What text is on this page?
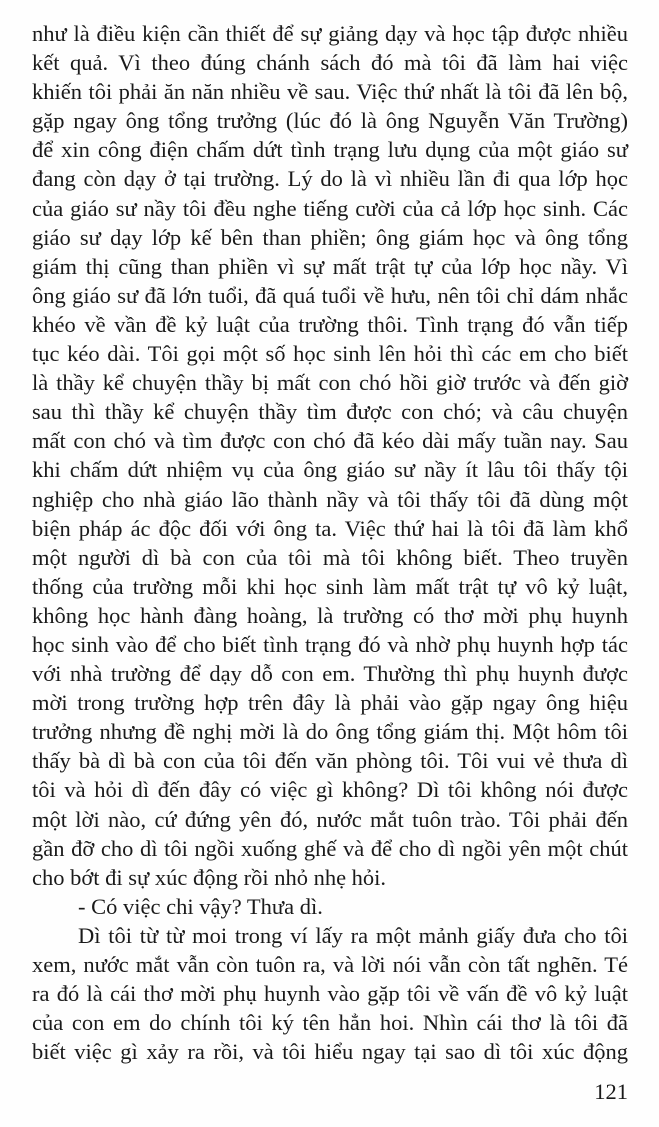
như là điều kiện cần thiết để sự giảng dạy và học tập được nhiều
kết quả. Vì theo đúng chánh sách đó mà tôi đã làm hai việc
khiến tôi phải ăn năn nhiều về sau. Việc thứ nhất là tôi đã lên bộ,
gặp ngay ông tổng trưởng (lúc đó là ông Nguyễn Văn Trường)
để xin công điện chấm dứt tình trạng lưu dụng của một giáo sư
đang còn dạy ở tại trường. Lý do là vì nhiều lần đi qua lớp học
của giáo sư nầy tôi đều nghe tiếng cười của cả lớp học sinh. Các
giáo sư dạy lớp kế bên than phiền; ông giám học và ông tổng
giám thị cũng than phiền vì sự mất trật tự của lớp học nầy. Vì
ông giáo sư đã lớn tuổi, đã quá tuổi về hưu, nên tôi chỉ dám nhắc
khéo về vần đề kỷ luật của trường thôi. Tình trạng đó vẫn tiếp
tục kéo dài. Tôi gọi một số học sinh lên hỏi thì các em cho biết
là thầy kể chuyện thầy bị mất con chó hồi giờ trước và đến giờ
sau thì thầy kể chuyện thầy tìm được con chó; và câu chuyện
mất con chó và tìm được con chó đã kéo dài mấy tuần nay. Sau
khi chấm dứt nhiệm vụ của ông giáo sư nầy ít lâu tôi thấy tội
nghiệp cho nhà giáo lão thành nầy và tôi thấy tôi đã dùng một
biện pháp ác độc đối với ông ta. Việc thứ hai là tôi đã làm khổ
một người dì bà con của tôi mà tôi không biết. Theo truyền
thống của trường mỗi khi học sinh làm mất trật tự vô kỷ luật,
không học hành đàng hoàng, là trường có thơ mời phụ huynh
học sinh vào để cho biết tình trạng đó và nhờ phụ huynh hợp tác
với nhà trường để dạy dỗ con em. Thường thì phụ huynh được
mời trong trường hợp trên đây là phải vào gặp ngay ông hiệu
trưởng nhưng đề nghị mời là do ông tổng giám thị. Một hôm tôi
thấy bà dì bà con của tôi đến văn phòng tôi. Tôi vui vẻ thưa dì
tôi và hỏi dì đến đây có việc gì không? Dì tôi không nói được
một lời nào, cứ đứng yên đó, nước mắt tuôn trào. Tôi phải đến
gần đỡ cho dì tôi ngồi xuống ghế và để cho dì ngồi yên một chút
cho bớt đi sự xúc động rồi nhỏ nhẹ hỏi.
- Có việc chi vậy? Thưa dì.
Dì tôi từ từ moi trong ví lấy ra một mảnh giấy đưa cho tôi
xem, nước mắt vẫn còn tuôn ra, và lời nói vẫn còn tất nghẽn. Té
ra đó là cái thơ mời phụ huynh vào gặp tôi về vấn đề vô kỷ luật
của con em do chính tôi ký tên hẳn hoi. Nhìn cái thơ là tôi đã
biết việc gì xảy ra rồi, và tôi hiểu ngay tại sao dì tôi xúc động
121
